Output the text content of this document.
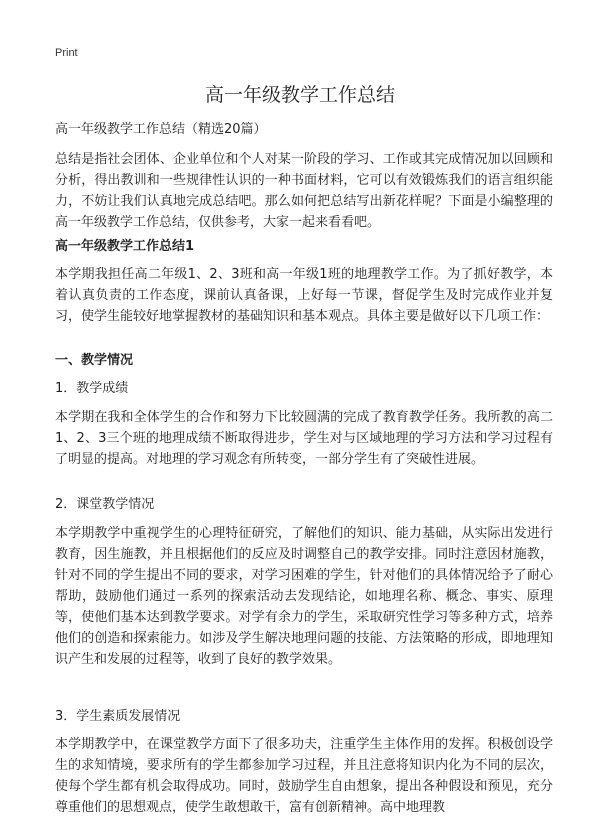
Print
高一年级教学工作总结

高一年级教学工作总结（精选20篇）

总结是指社会团体、企业单位和个人对某一阶段的学习、工作或其完成情况加以回顾和分析，得出教训和一些规律性认识的一种书面材料，它可以有效锻炼我们的语言组织能力，不妨让我们认真地完成总结吧。那么如何把总结写出新花样呢？下面是小编整理的高一年级教学工作总结，仅供参考，大家一起来看看吧。

高一年级教学工作总结1

本学期我担任高二年级1、2、3班和高一年级1班的地理教学工作。为了抓好教学，本着认真负责的工作态度，课前认真备课，上好每一节课，督促学生及时完成作业并复习，使学生能较好地掌握教材的基础知识和基本观点。具体主要是做好以下几项工作：

一、教学情况

1．教学成绩

本学期在我和全体学生的合作和努力下比较圆满的完成了教育教学任务。我所教的高二1、2、3三个班的地理成绩不断取得进步，学生对与区域地理的学习方法和学习过程有了明显的提高。对地理的学习观念有所转变，一部分学生有了突破性进展。

2．课堂教学情况

本学期教学中重视学生的心理特征研究，了解他们的知识、能力基础，从实际出发进行教育，因生施教，并且根据他们的反应及时调整自己的教学安排。同时注意因材施教，针对不同的学生提出不同的要求，对学习困难的学生，针对他们的具体情况给予了耐心帮助，鼓励他们通过一系列的探索活动去发现结论，如地理名称、概念、事实、原理等，使他们基本达到教学要求。对学有余力的学生，采取研究性学习等多种方式，培养他们的创造和探索能力。如涉及学生解决地理问题的技能、方法策略的形成，即地理知识产生和发展的过程等，收到了良好的教学效果。

3．学生素质发展情况

本学期教学中，在课堂教学方面下了很多功夫，注重学生主体作用的发挥。积极创设学生的求知情境，要求所有的学生都参加学习过程，并且注意将知识内化为不同的层次，使每个学生都有机会取得成功。同时，鼓励学生自由想象，提出各种假设和预见，充分尊重他们的思想观点，使学生敢想敢干，富有创新精神。高中地理教
